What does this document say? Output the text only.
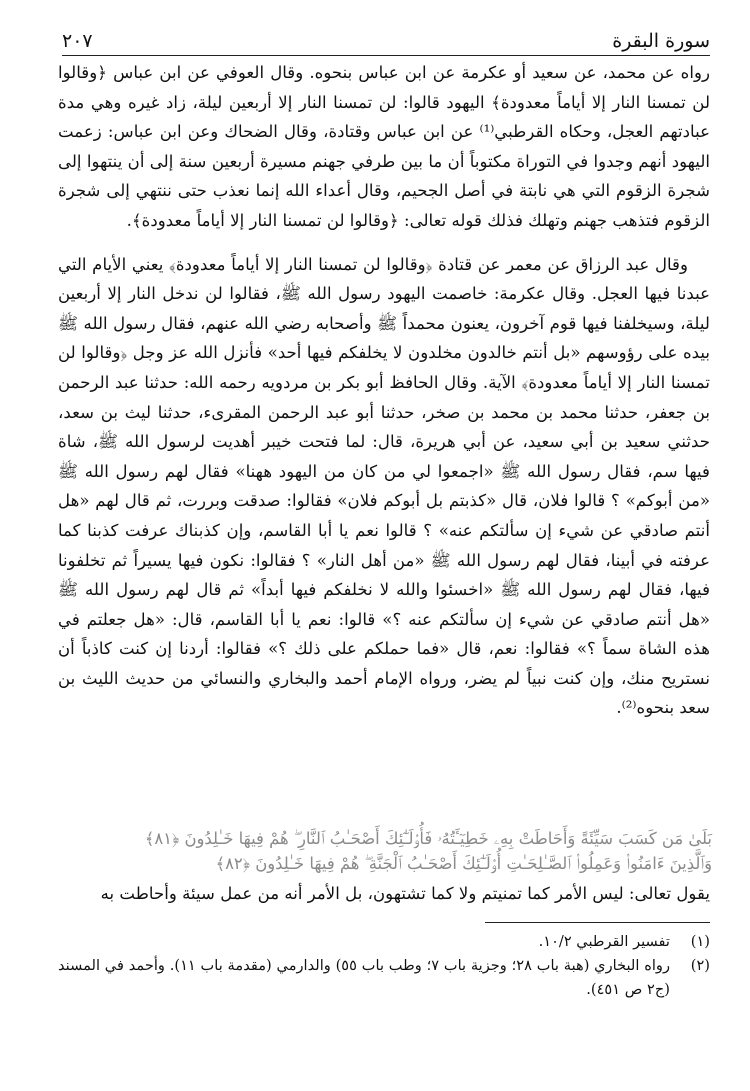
سورة البقرة
٢٠٧

رواه عن محمد، عن سعيد أو عكرمة عن ابن عباس بنحوه. وقال العوفي عن ابن عباس ﴿وقالوا لن تمسنا النار إلا أياماً معدودة﴾ اليهود قالوا: لن تمسنا النار إلا أربعين ليلة، زاد غيره وهي مدة عبادتهم العجل، وحكاه القرطبي⁽¹⁾ عن ابن عباس وقتادة، وقال الضحاك وعن ابن عباس: زعمت اليهود أنهم وجدوا في التوراة مكتوباً أن ما بين طرفي جهنم مسيرة أربعين سنة إلى أن ينتهوا إلى شجرة الزقوم التي هي نابتة في أصل الجحيم، وقال أعداء الله إنما نعذب حتى ننتهي إلى شجرة الزقوم فتذهب جهنم وتهلك فذلك قوله تعالى: ﴿وقالوا لن تمسنا النار إلا أياماً معدودة﴾.

وقال عبد الرزاق عن معمر عن قتادة ﴿وقالوا لن تمسنا النار إلا أياماً معدودة﴾ يعني الأيام التي عبدنا فيها العجل. وقال عكرمة: خاصمت اليهود رسول الله ﷺ، فقالوا لن ندخل النار إلا أربعين ليلة، وسيخلفنا فيها قوم آخرون، يعنون محمداً ﷺ وأصحابه رضي الله عنهم، فقال رسول الله ﷺ بيده على رؤوسهم «بل أنتم خالدون مخلدون لا يخلفكم فيها أحد» فأنزل الله عز وجل ﴿وقالوا لن تمسنا النار إلا أياماً معدودة﴾ الآية. وقال الحافظ أبو بكر بن مردويه رحمه الله: حدثنا عبد الرحمن بن جعفر، حدثنا محمد بن محمد بن صخر، حدثنا أبو عبد الرحمن المقرىء، حدثنا ليث بن سعد، حدثني سعيد بن أبي سعيد، عن أبي هريرة، قال: لما فتحت خيبر أهديت لرسول الله ﷺ، شاة فيها سم، فقال رسول الله ﷺ «اجمعوا لي من كان من اليهود ههنا» فقال لهم رسول الله ﷺ «من أبوكم» ؟ قالوا فلان، قال «كذبتم بل أبوكم فلان» فقالوا: صدقت وبررت، ثم قال لهم «هل أنتم صادقي عن شيء إن سألتكم عنه» ؟ قالوا نعم يا أبا القاسم، وإن كذبناك عرفت كذبنا كما عرفته في أبينا، فقال لهم رسول الله ﷺ «من أهل النار» ؟ فقالوا: نكون فيها يسيراً ثم تخلفونا فيها، فقال لهم رسول الله ﷺ «اخسئوا والله لا نخلفكم فيها أبداً» ثم قال لهم رسول الله ﷺ «هل أنتم صادقي عن شيء إن سألتكم عنه ؟» قالوا: نعم يا أبا القاسم، قال: «هل جعلتم في هذه الشاة سماً ؟» فقالوا: نعم، قال «فما حملكم على ذلك ؟» فقالوا: أردنا إن كنت كاذباً أن نستريح منك، وإن كنت نبياً لم يضر، ورواه الإمام أحمد والبخاري والنسائي من حديث الليث بن سعد بنحوه⁽²⁾.

بَلَىٰ مَن كَسَبَ سَيِّئَةً وَأَحَاطَتْ بِهِۦ خَطِيٓـَٔتُهُۥ فَأُو۟لَـٰٓئِكَ أَصْحَـٰبُ ٱلنَّارِ ۖ هُمْ فِيهَا خَـٰلِدُونَ ﴿٨١﴾
وَٱلَّذِينَ ءَامَنُوا۟ وَعَمِلُوا۟ ٱلصَّـٰلِحَـٰتِ أُو۟لَـٰٓئِكَ أَصْحَـٰبُ ٱلْجَنَّةِ ۖ هُمْ فِيهَا خَـٰلِدُونَ ﴿٨٢﴾
يقول تعالى: ليس الأمر كما تمنيتم ولا كما تشتهون، بل الأمر أنه من عمل سيئة وأحاطت به
(١)
تفسير القرطبي ١٠/٢.
(٢)
رواه البخاري (هبة باب ٢٨؛ وجزية باب ٧؛ وطب باب ٥٥) والدارمي (مقدمة باب ١١). وأحمد في المسند (ج٢ ص ٤٥١).
